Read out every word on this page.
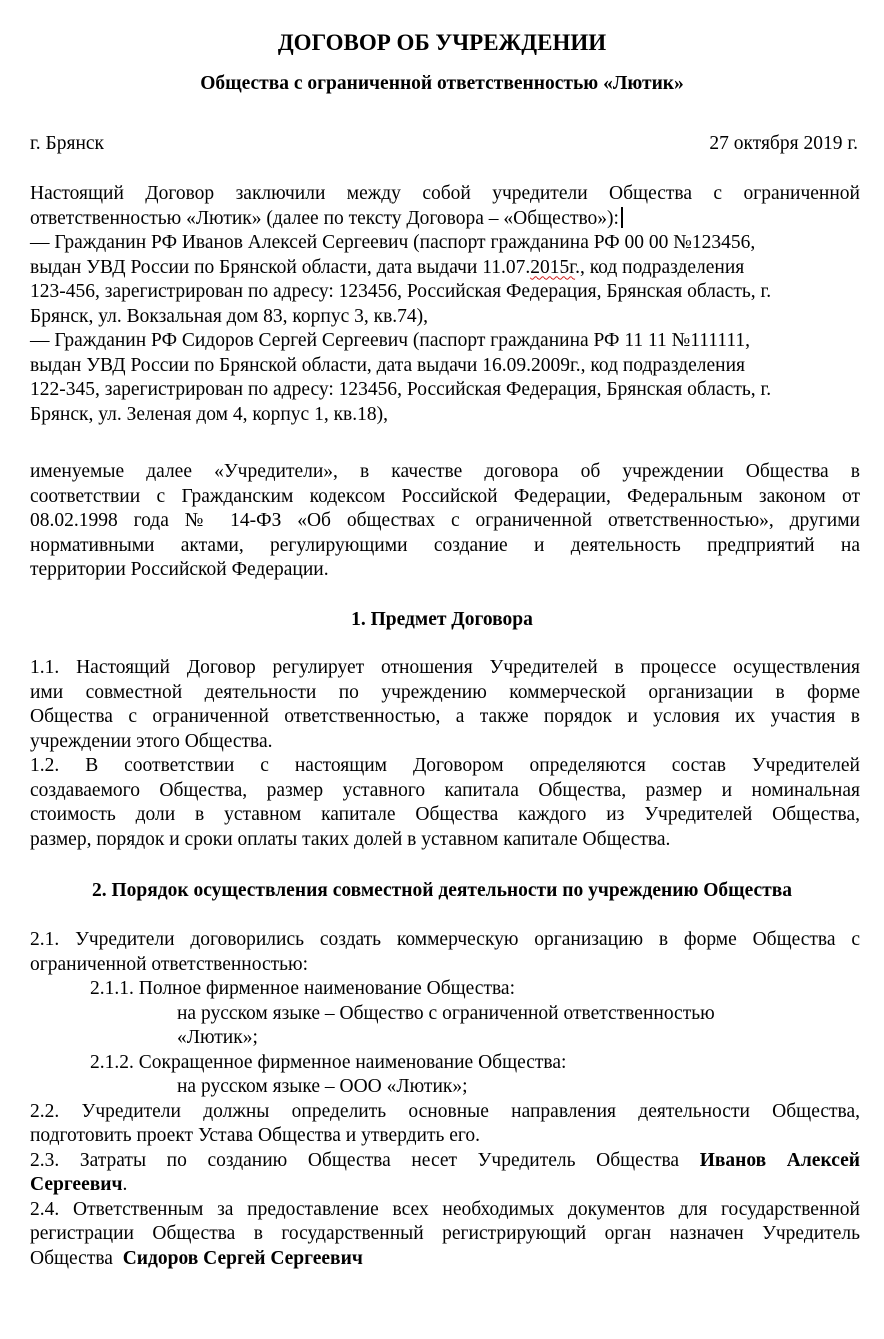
ДОГОВОР ОБ УЧРЕЖДЕНИИ
Общества с ограниченной ответственностью «Лютик»
г. Брянск	27 октября 2019 г.
Настоящий Договор заключили между собой учредители Общества с ограниченной
ответственностью «Лютик» (далее по тексту Договора – «Общество»):
— Гражданин РФ Иванов Алексей Сергеевич (паспорт гражданина РФ 00 00 №123456,
выдан УВД России по Брянской области, дата выдачи 11.07.2015г., код подразделения
123-456, зарегистрирован по адресу: 123456, Российская Федерация, Брянская область, г.
Брянск, ул. Вокзальная дом 83, корпус 3, кв.74),
— Гражданин РФ Сидоров Сергей Сергеевич (паспорт гражданина РФ 11 11 №111111,
выдан УВД России по Брянской области, дата выдачи 16.09.2009г., код подразделения
122-345, зарегистрирован по адресу: 123456, Российская Федерация, Брянская область, г.
Брянск, ул. Зеленая дом 4, корпус 1, кв.18),
именуемые далее «Учредители», в качестве договора об учреждении Общества в
соответствии с Гражданским кодексом Российской Федерации, Федеральным законом от
08.02.1998 года № 14-ФЗ «Об обществах с ограниченной ответственностью», другими
нормативными актами, регулирующими создание и деятельность предприятий на
территории Российской Федерации.
1. Предмет Договора
1.1. Настоящий Договор регулирует отношения Учредителей в процессе осуществления
ими совместной деятельности по учреждению коммерческой организации в форме
Общества с ограниченной ответственностью, а также порядок и условия их участия в
учреждении этого Общества.
1.2. В соответствии с настоящим Договором определяются состав Учредителей
создаваемого Общества, размер уставного капитала Общества, размер и номинальная
стоимость доли в уставном капитале Общества каждого из Учредителей Общества,
размер, порядок и сроки оплаты таких долей в уставном капитале Общества.
2. Порядок осуществления совместной деятельности по учреждению Общества
2.1. Учредители договорились создать коммерческую организацию в форме Общества с
ограниченной ответственностью:
2.1.1. Полное фирменное наименование Общества:
на русском языке – Общество с ограниченной ответственностью
«Лютик»;
2.1.2. Сокращенное фирменное наименование Общества:
на русском языке – ООО «Лютик»;
2.2. Учредители должны определить основные направления деятельности Общества,
подготовить проект Устава Общества и утвердить его.
2.3. Затраты по созданию Общества несет Учредитель Общества Иванов Алексей
Сергеевич.
2.4. Ответственным за предоставление всех необходимых документов для государственной
регистрации Общества в государственный регистрирующий орган назначен Учредитель
Общества  Сидоров Сергей Сергеевич
